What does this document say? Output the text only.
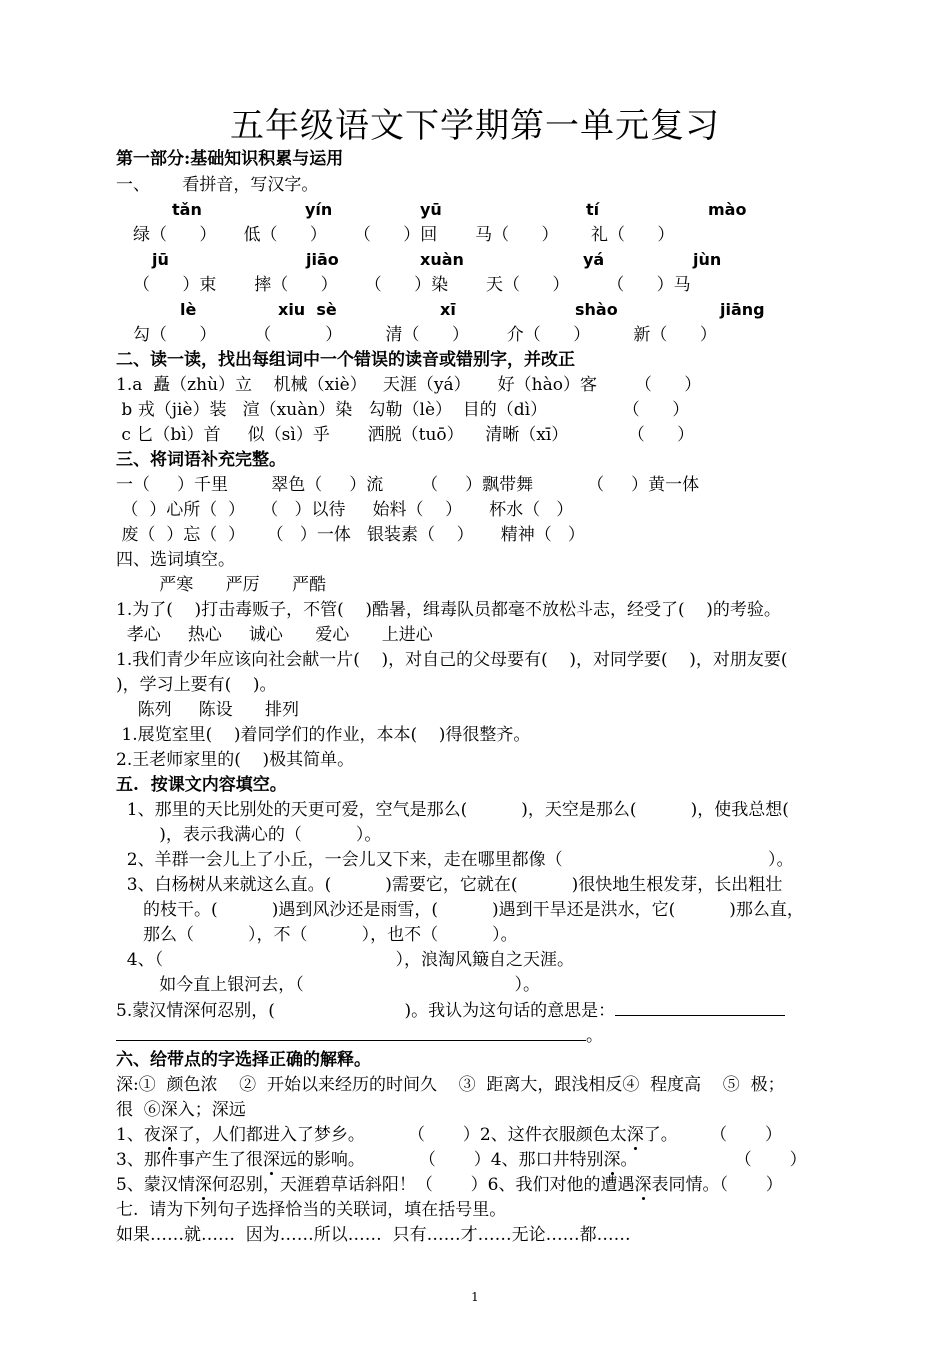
五年级语文下学期第一单元复习
第一部分:基础知识积累与运用
一、      看拼音，写汉字。
tǎn	yín	yū	tí	mào
绿（      ）     低（      ）     （      ）回       马（      ）      礼（      ）
jū	jiāo	xuàn	yá	jùn
（      ）束       摔（      ）     （      ）染       天（      ）       （      ）马
lè	xiu  sè	xī	shào	jiāng
勾（      ）       （          ）        清（      ）       介（      ）        新（      ）
二、读一读，找出每组词中一个错误的读音或错别字，并改正
1.a  矗（zhù）立    机械（xiè）   天涯（yá）     好（hào）客       （      ）
b 戎（jiè）装   渲（xuàn）染   勾勒（lè）  目的（dì）              （      ）
c 匕（bì）首     似（sì）乎       洒脱（tuō）    清晰（xī）           （      ）
三、将词语补充完整。
一（     ）千里        翠色（     ）流       （     ）飘带舞          （     ）黄一体
（  ）心所（  ）   （   ）以待     始料（    ）     杯水（   ）
废（  ）忘（  ）    （   ）一体   银装素（    ）     精神（   ）
四、选词填空。
严寒      严厉      严酷
1.为了(    )打击毒贩子，不管(    )酷暑，缉毒队员都毫不放松斗志，经受了(    )的考验。
孝心     热心     诚心      爱心      上进心
1.我们青少年应该向社会献一片(    )，对自己的父母要有(    )，对同学要(    )，对朋友要(
)，学习上要有(    )。
陈列     陈设      排列
1.展览室里(    )着同学们的作业，本本(    )得很整齐。
2.王老师家里的(    )极其简单。
五.  按课文内容填空。
1、那里的天比别处的天更可爱，空气是那么(          )，天空是那么(          )，使我总想(
)，表示我满心的（          ）。
2、羊群一会儿上了小丘，一会儿又下来，走在哪里都像（                                      ）。
3、白杨树从来就这么直。(          )需要它，它就在(          )很快地生根发芽，长出粗壮
的枝干。(          )遇到风沙还是雨雪，(          )遇到干旱还是洪水，它(          )那么直，
那么（          ），不（          ），也不（          ）。
4、（                                           ），浪淘风簸自之天涯。
如今直上银河去，（                                       ）。
5.蒙汉情深何忍别，(                        )。我认为这句话的意思是：
。
六、给带点的字选择正确的解释。
深:①  颜色浓    ②  开始以来经历的时间久    ③  距离大，跟浅相反④  程度高    ⑤  极；
很  ⑥深入；深远
1、夜深了，人们都进入了梦乡。        （       ）2、这件衣服颜色太深了。      （       ）
3、那件事产生了很深远的影响。          （       ）4、那口井特别深。                  （       ）
5、蒙汉情深何忍别，天涯碧草话斜阳！（       ）6、我们对他的遭遇深表同情。（       ）
七.  请为下列句子选择恰当的关联词，填在括号里。
如果……就……  因为……所以……  只有……才……无论……都……
1
